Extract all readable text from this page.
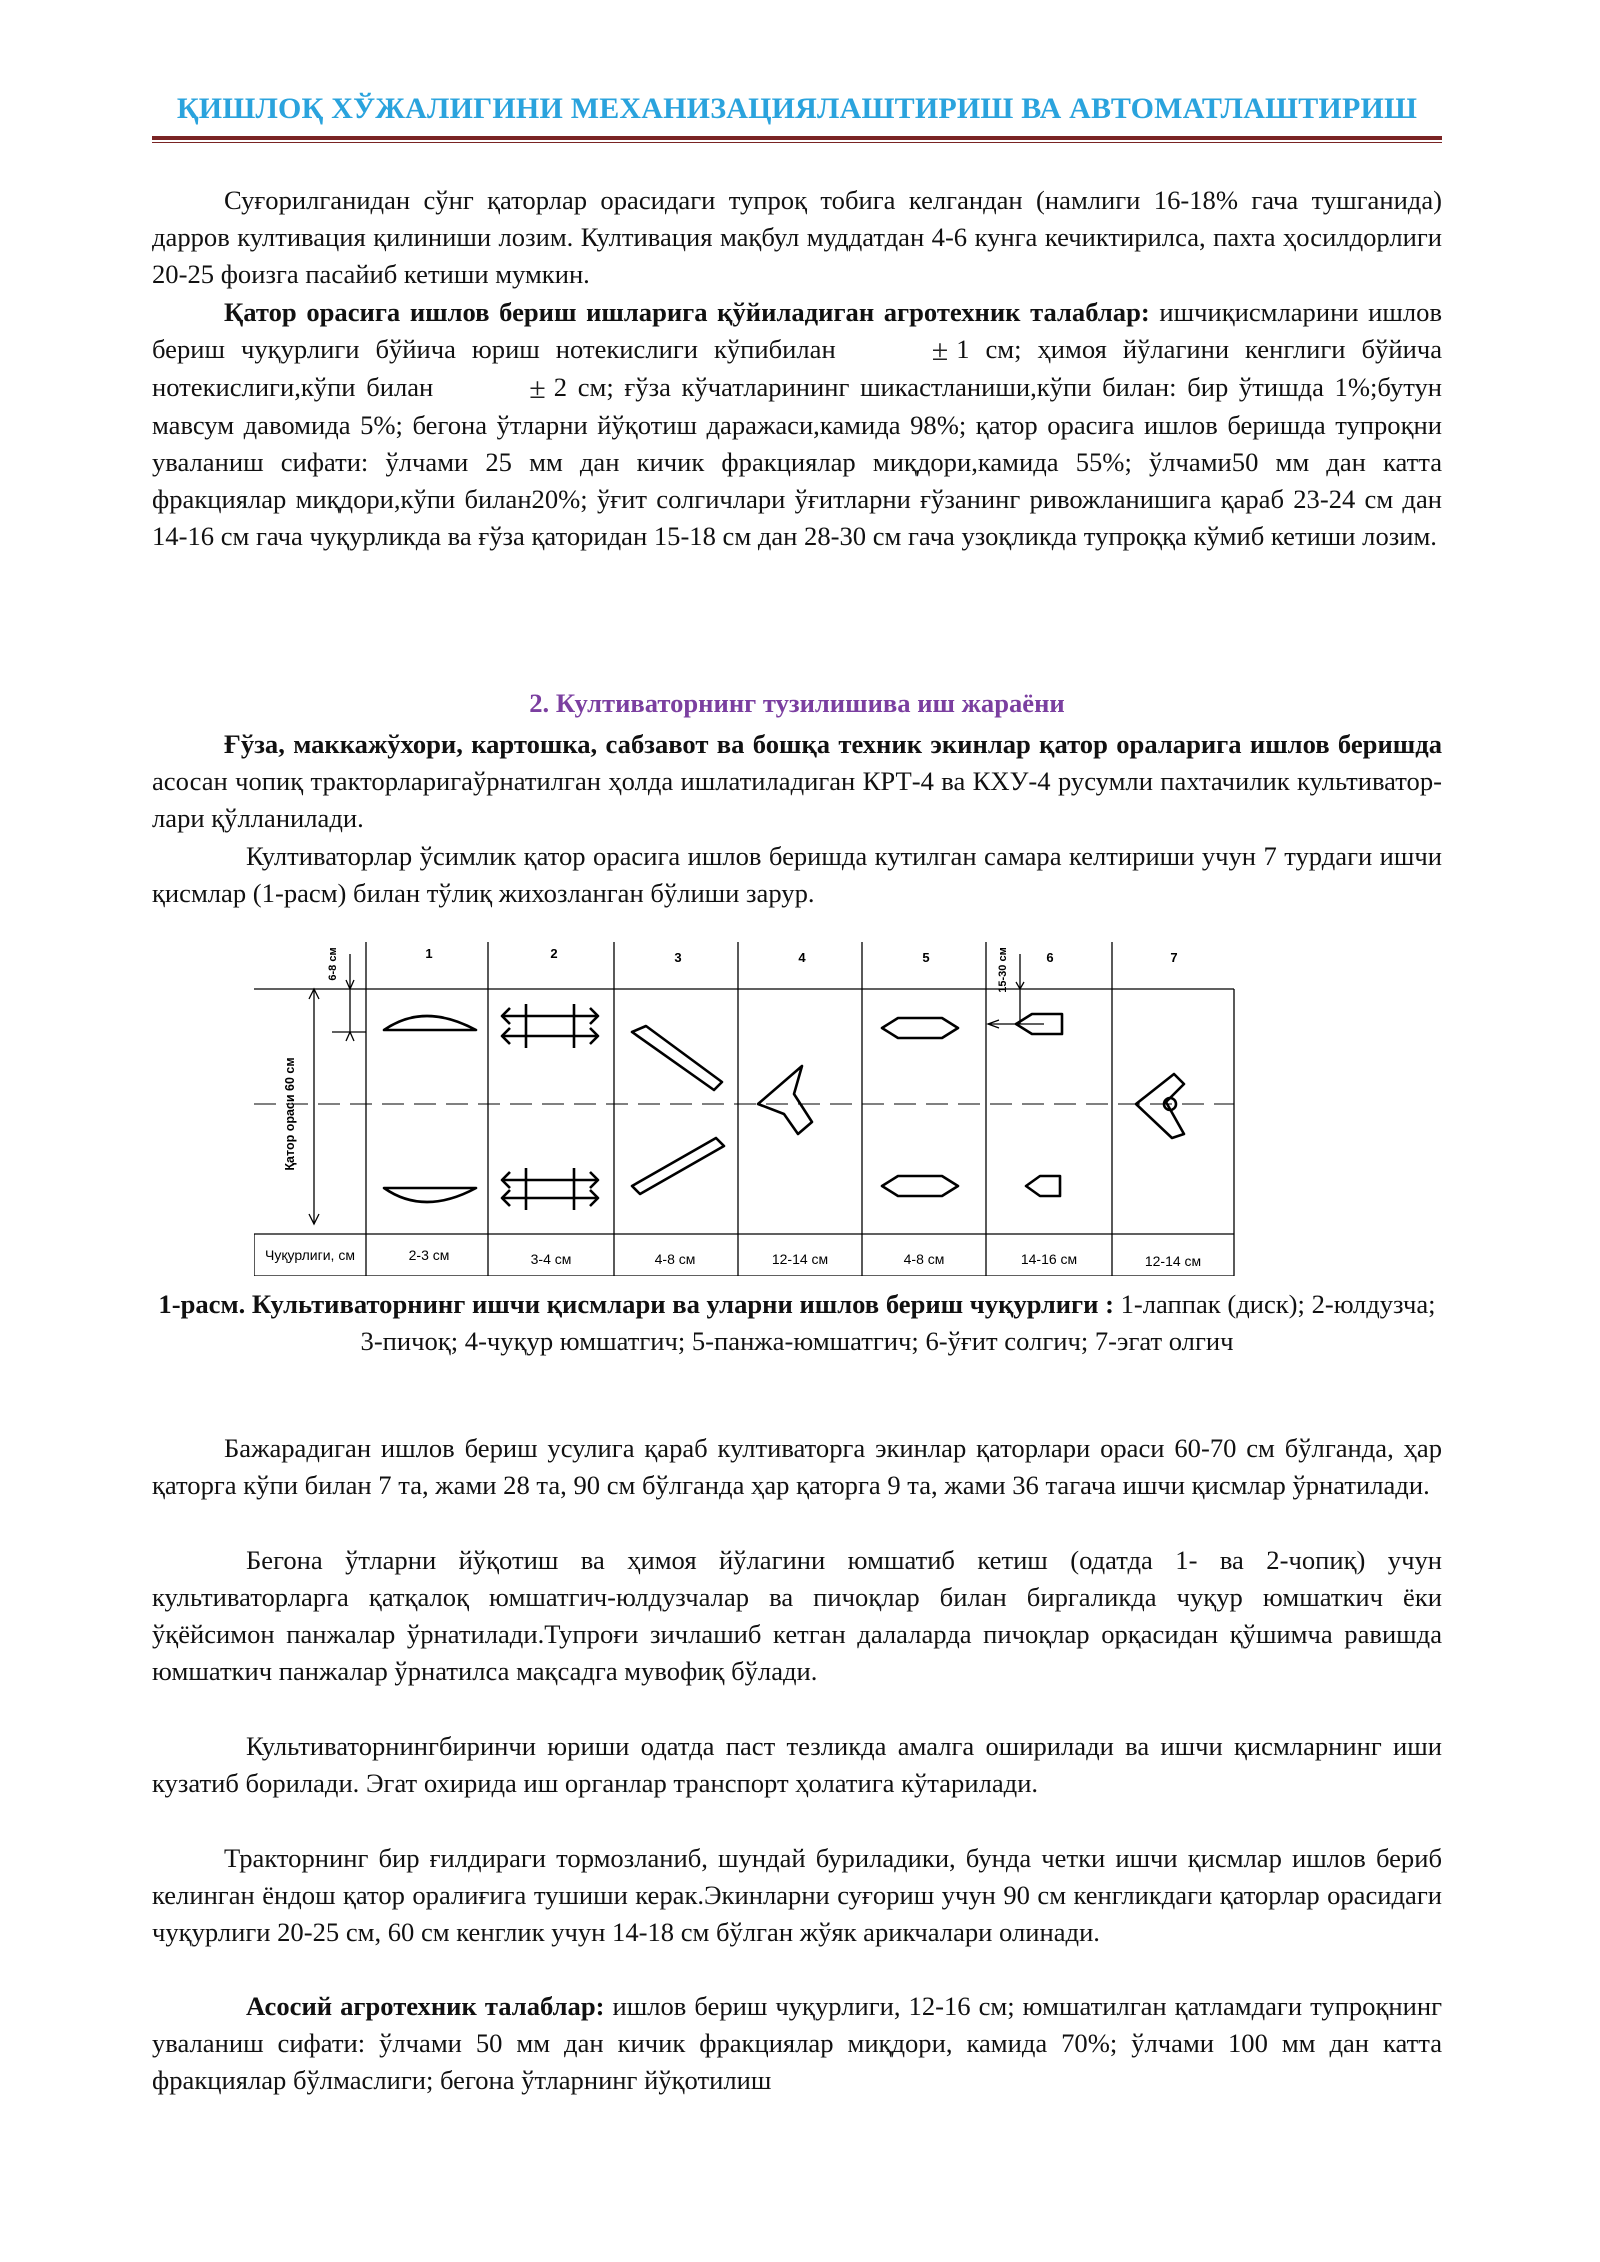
ҚИШЛОҚ ХЎЖАЛИГИНИ МЕХАНИЗАЦИЯЛАШТИРИШ ВА АВТОМАТЛАШТИРИШ

Суғорилганидан сўнг қаторлар орасидаги тупроқ тобига келгандан (намлиги 16-18% гача тушганида) дарров култивация қилиниши лозим. Култивация мақбул муддатдан 4-6 кунга кечиктирилса, пахта ҳосилдорлиги 20-25 фоизга пасайиб кетиши мумкин.

Қатор орасига ишлов бериш ишларига қўйиладиган агротехник талаблар: ишчиқисмларини ишлов бериш чуқурлиги бўйича юриш нотекислиги кўпибилан	± 1 см; ҳимоя йўлагини кенглиги бўйича нотекислиги,кўпи билан	± 2 см; ғўза кўчатларининг шикастланиши,кўпи билан: бир ўтишда 1%;бутун мавсум давомида 5%; бегона ўтларни йўқотиш даражаси,камида 98%; қатор орасига ишлов беришда тупроқни уваланиш сифати: ўлчами 25 мм дан кичик фракциялар миқдори,камида 55%; ўлчами50 мм дан катта фракциялар миқдори,кўпи билан20%; ўғит солгичлари ўғитларни ғўзанинг ривожланишига қараб 23-24 см дан 14-16 см гача чуқурликда ва ғўза қаторидан 15-18 см дан 28-30 см гача узоқликда тупроққа кўмиб кетиши лозим.

2. Култиваторнинг тузилишива иш жараёни

Ғўза, маккажўхори, картошка, сабзавот ва бошқа техник экинлар қатор ораларига ишлов беришда асосан чопиқ тракторларигаўрнатилган ҳолда ишлатиладиган КРТ-4 ва КХУ-4 русумли пахтачилик культиватор-лари қўлланилади.

Култиваторлар ўсимлик қатор орасига ишлов беришда кутилган самара келтириши учун 7 турдаги ишчи қисмлар (1-расм) билан тўлиқ жихозланган бўлиши зарур.

1	2	3	4	5	6	7
Қатор ораси 60 см
6-8 см	15-30 см
Чуқурлиги, см	2-3 см	3-4 см	4-8 см	12-14 см	4-8 см	14-16 см	12-14 см
1-расм. Культиваторнинг ишчи қисмлари ва уларни ишлов бериш чуқурлиги : 1-лаппак (диск); 2-юлдузча; 3-пичоқ; 4-чуқур юмшатгич; 5-панжа-юмшатгич; 6-ўғит солгич; 7-эгат олгич

Бажарадиган ишлов бериш усулига қараб култиваторга экинлар қаторлари ораси 60-70 см бўлганда, ҳар қаторга кўпи билан 7 та, жами 28 та, 90 см бўлганда ҳар қаторга 9 та, жами 36 тагача ишчи қисмлар ўрнатилади.

Бегона ўтларни йўқотиш ва ҳимоя йўлагини юмшатиб кетиш (одатда 1- ва 2-чопиқ) учун культиваторларга қатқалоқ юмшатгич-юлдузчалар ва пичоқлар билан биргаликда чуқур юмшаткич ёки ўқёйсимон панжалар ўрнатилади.Тупроғи зичлашиб кетган далаларда пичоқлар орқасидан қўшимча равишда юмшаткич панжалар ўрнатилса мақсадга мувофиқ бўлади.

Культиваторнингбиринчи юриши одатда паст тезликда амалга оширилади ва ишчи қисмларнинг иши кузатиб борилади. Эгат охирида иш органлар транспорт ҳолатига кўтарилади.

Тракторнинг бир ғилдираги тормозланиб, шундай буриладики, бунда четки ишчи қисмлар ишлов бериб келинган ёндош қатор оралиғига тушиши керак.Экинларни суғориш учун 90 см кенгликдаги қаторлар орасидаги чуқурлиги 20-25 см, 60 см кенглик учун 14-18 см бўлган жўяк арикчалари олинади.

Асосий агротехник талаблар: ишлов бериш чуқурлиги, 12-16 см; юмшатилган қатламдаги тупроқнинг уваланиш сифати: ўлчами 50 мм дан кичик фракциялар миқдори, камида 70%; ўлчами 100 мм дан катта фракциялар бўлмаслиги; бегона ўтларнинг йўқотилиш
